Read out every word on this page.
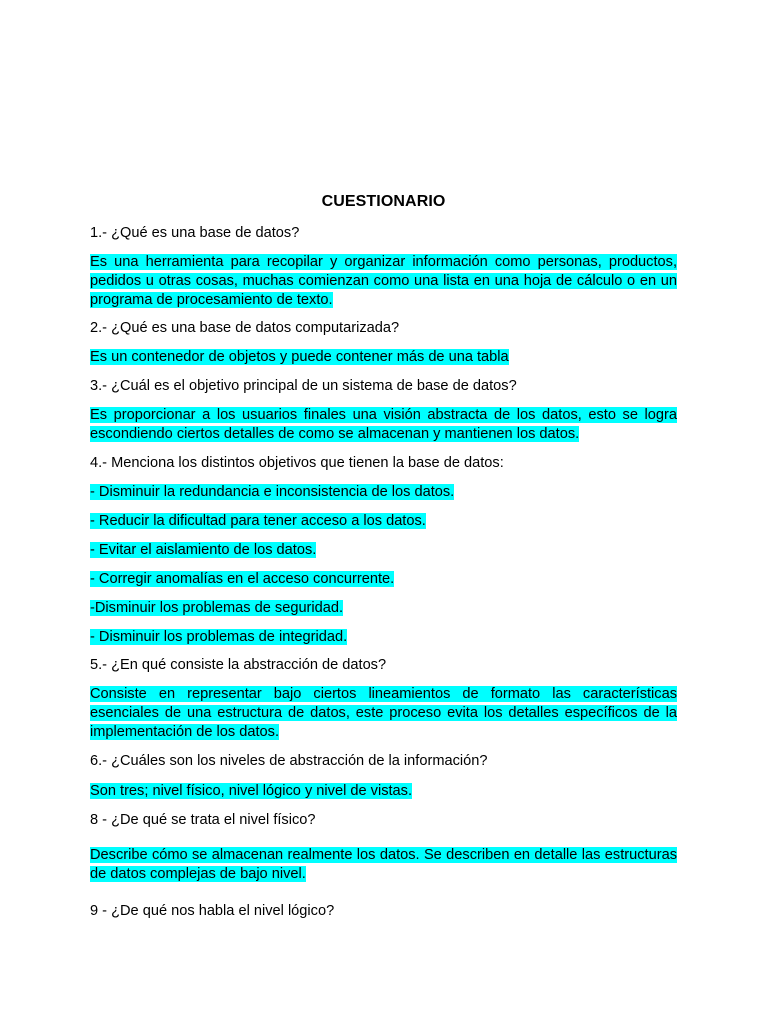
CUESTIONARIO
1.- ¿Qué es una base de datos?
Es una herramienta para recopilar y organizar información como personas, productos, pedidos u otras cosas, muchas comienzan como una lista en una hoja de cálculo o en un programa de procesamiento de texto.
2.- ¿Qué es una base de datos computarizada?
Es un contenedor de objetos y puede contener más de una tabla
3.- ¿Cuál es el objetivo principal de un sistema de base de datos?
Es proporcionar a los usuarios finales una visión abstracta de los datos, esto se logra escondiendo ciertos detalles de como se almacenan y mantienen los datos.
4.- Menciona los distintos objetivos que tienen la base de datos:
- Disminuir la redundancia e inconsistencia de los datos.
- Reducir la dificultad para tener acceso a los datos.
- Evitar el aislamiento de los datos.
- Corregir anomalías en el acceso concurrente.
-Disminuir los problemas de seguridad.
- Disminuir los problemas de integridad.
5.- ¿En qué consiste la abstracción de datos?
Consiste en representar bajo ciertos lineamientos de formato las características esenciales de una estructura de datos, este proceso evita los detalles específicos de la implementación de los datos.
6.- ¿Cuáles son los niveles de abstracción de la información?
Son tres; nivel físico, nivel lógico y nivel de vistas.
8 - ¿De qué se trata el nivel físico?
Describe cómo se almacenan realmente los datos. Se describen en detalle las estructuras de datos complejas de bajo nivel.
9 - ¿De qué nos habla el nivel lógico?
